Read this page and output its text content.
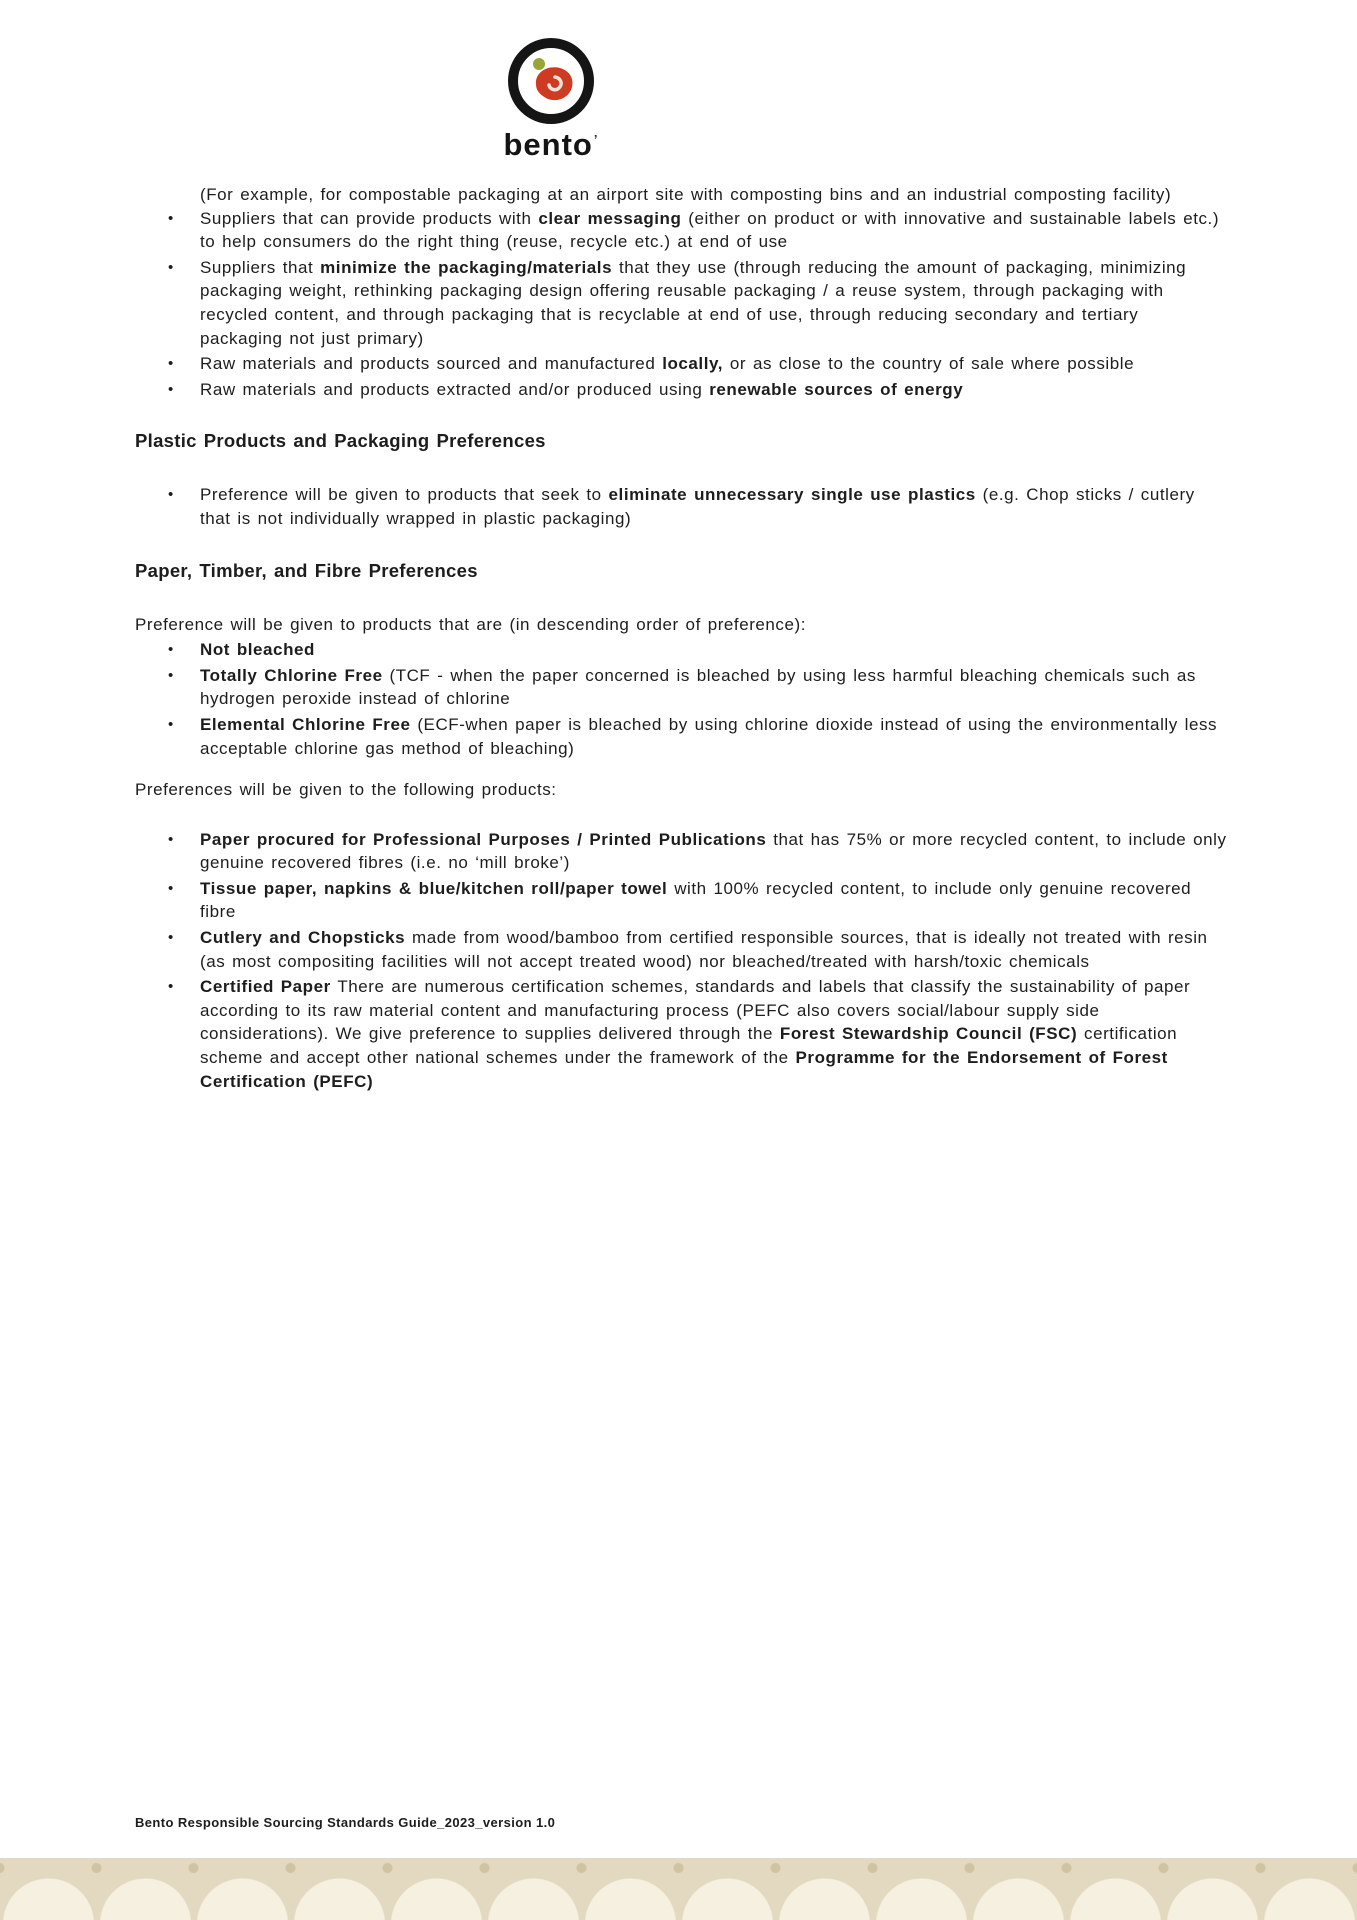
bento’

(For example, for compostable packaging at an airport site with composting bins and an industrial composting facility)

•	Suppliers that can provide products with clear messaging (either on product or with innovative and sustainable labels etc.) to help consumers do the right thing (reuse, recycle etc.) at end of use
•	Suppliers that minimize the packaging/materials that they use (through reducing the amount of packaging, minimizing packaging weight, rethinking packaging design offering reusable packaging / a reuse system, through packaging with recycled content, and through packaging that is recyclable at end of use, through reducing secondary and tertiary packaging not just primary)
•	Raw materials and products sourced and manufactured locally, or as close to the country of sale where possible
•	Raw materials and products extracted and/or produced using renewable sources of energy
Plastic Products and Packaging Preferences
•	Preference will be given to products that seek to eliminate unnecessary single use plastics (e.g. Chop sticks / cutlery that is not individually wrapped in plastic packaging)
Paper, Timber, and Fibre Preferences

Preference will be given to products that are (in descending order of preference):

•	Not bleached
•	Totally Chlorine Free (TCF - when the paper concerned is bleached by using less harmful bleaching chemicals such as hydrogen peroxide instead of chlorine
•	Elemental Chlorine Free (ECF-when paper is bleached by using chlorine dioxide instead of using the environmentally less acceptable chlorine gas method of bleaching)

Preferences will be given to the following products:

•	Paper procured for Professional Purposes / Printed Publications that has 75% or more recycled content, to include only genuine recovered fibres (i.e. no ‘mill broke’)
•	Tissue paper, napkins & blue/kitchen roll/paper towel with 100% recycled content, to include only genuine recovered fibre
•	Cutlery and Chopsticks made from wood/bamboo from certified responsible sources, that is ideally not treated with resin (as most compositing facilities will not accept treated wood) nor bleached/treated with harsh/toxic chemicals
•	Certified Paper There are numerous certification schemes, standards and labels that classify the sustainability of paper according to its raw material content and manufacturing process (PEFC also covers social/labour supply side considerations). We give preference to supplies delivered through the Forest Stewardship Council (FSC) certification scheme and accept other national schemes under the framework of the Programme for the Endorsement of Forest Certification (PEFC)
Bento Responsible Sourcing Standards Guide_2023_version 1.0
